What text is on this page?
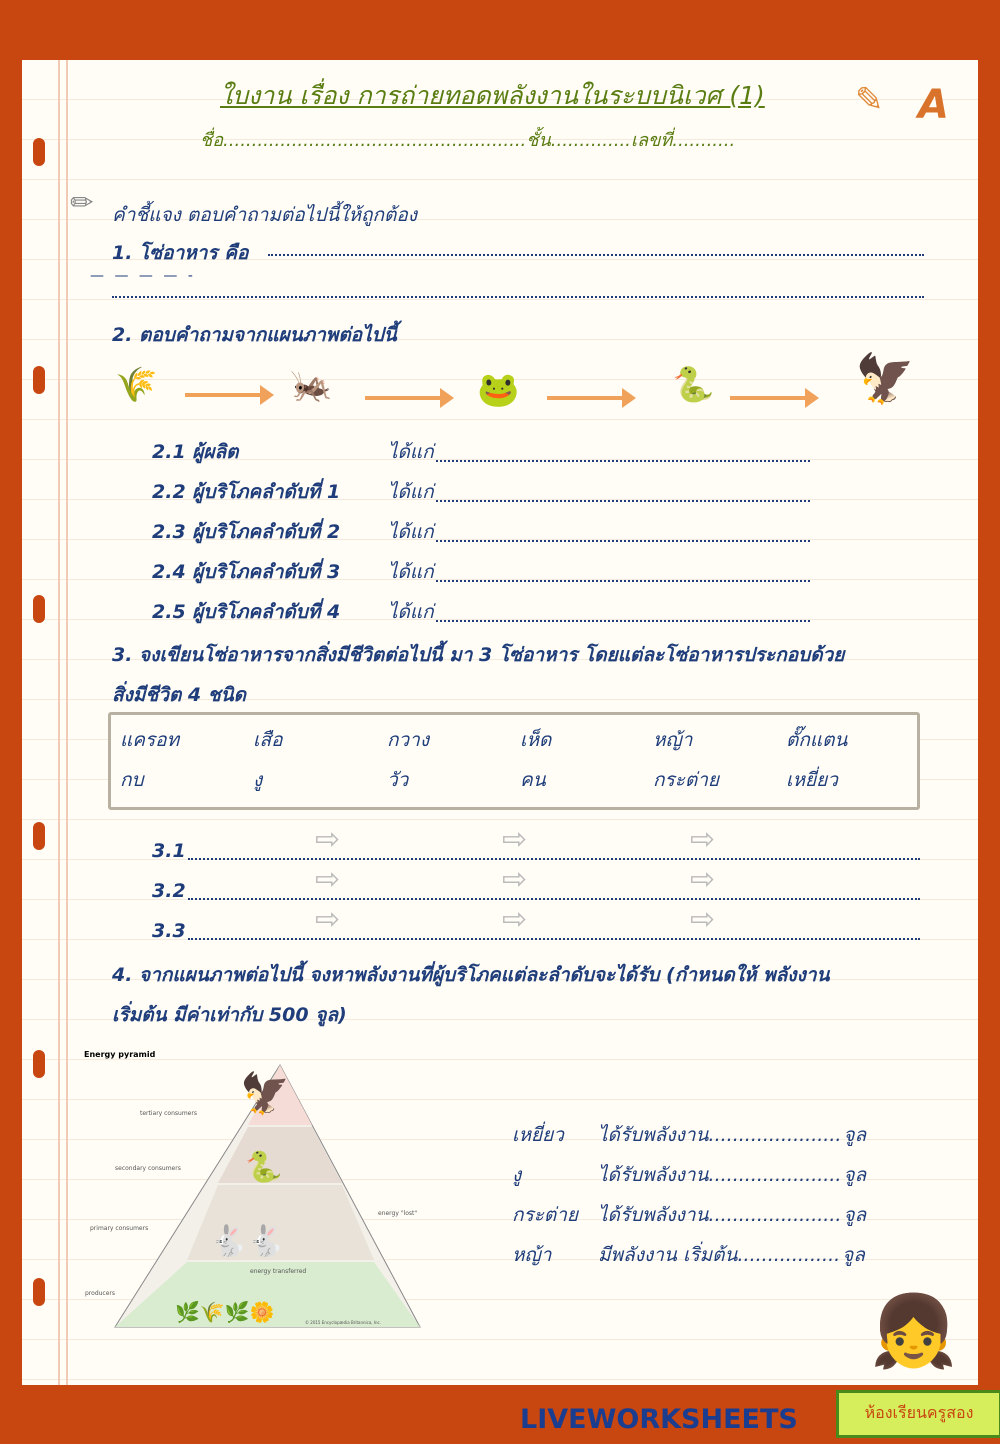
ใบงาน เรื่อง การถ่ายทอดพลังงานในระบบนิเวศ (1)
ชื่อ.....................................................ชั้น..............เลขที่...........
✎ A
✏ คำชี้แจง ตอบคำถามต่อไปนี้ให้ถูกต้อง
1. โซ่อาหาร คือ
— — — — -
2. ตอบคำถามจากแผนภาพต่อไปนี้
🌾	🦗	🐸	🐍	🦅
2.1 ผู้ผลิต	ได้แก่
2.2 ผู้บริโภคลำดับที่ 1	ได้แก่
2.3 ผู้บริโภคลำดับที่ 2	ได้แก่
2.4 ผู้บริโภคลำดับที่ 3	ได้แก่
2.5 ผู้บริโภคลำดับที่ 4	ได้แก่
3. จงเขียนโซ่อาหารจากสิ่งมีชีวิตต่อไปนี้ มา 3 โซ่อาหาร โดยแต่ละโซ่อาหารประกอบด้วย
สิ่งมีชีวิต 4 ชนิด
แครอท	เสือ	กวาง	เห็ด	หญ้า	ตั๊กแตน
กบ	งู	วัว	คน	กระต่าย	เหยี่ยว
3.1	⇨	⇨	⇨
3.2	⇨	⇨	⇨
3.3	⇨	⇨	⇨
4. จากแผนภาพต่อไปนี้ จงหาพลังงานที่ผู้บริโภคแต่ละลำดับจะได้รับ (กำหนดให้ พลังงาน
เริ่มต้น มีค่าเท่ากับ 500 จูล)
Energy pyramid
tertiary consumers
secondary consumers
primary consumers
producers
energy "lost"
energy transferred
© 2015 Encyclopædia Britannica, Inc.
🦅
🐍
🐇🐇
🌿🌾🌿🌼
เหยี่ยว	ได้รับพลังงาน...................... จูล
งู	ได้รับพลังงาน...................... จูล
กระต่าย	ได้รับพลังงาน...................... จูล
หญ้า	มีพลังงาน เริ่มต้น................. จูล
👧
LIVEWORKSHEETS	ห้องเรียนครูสอง
